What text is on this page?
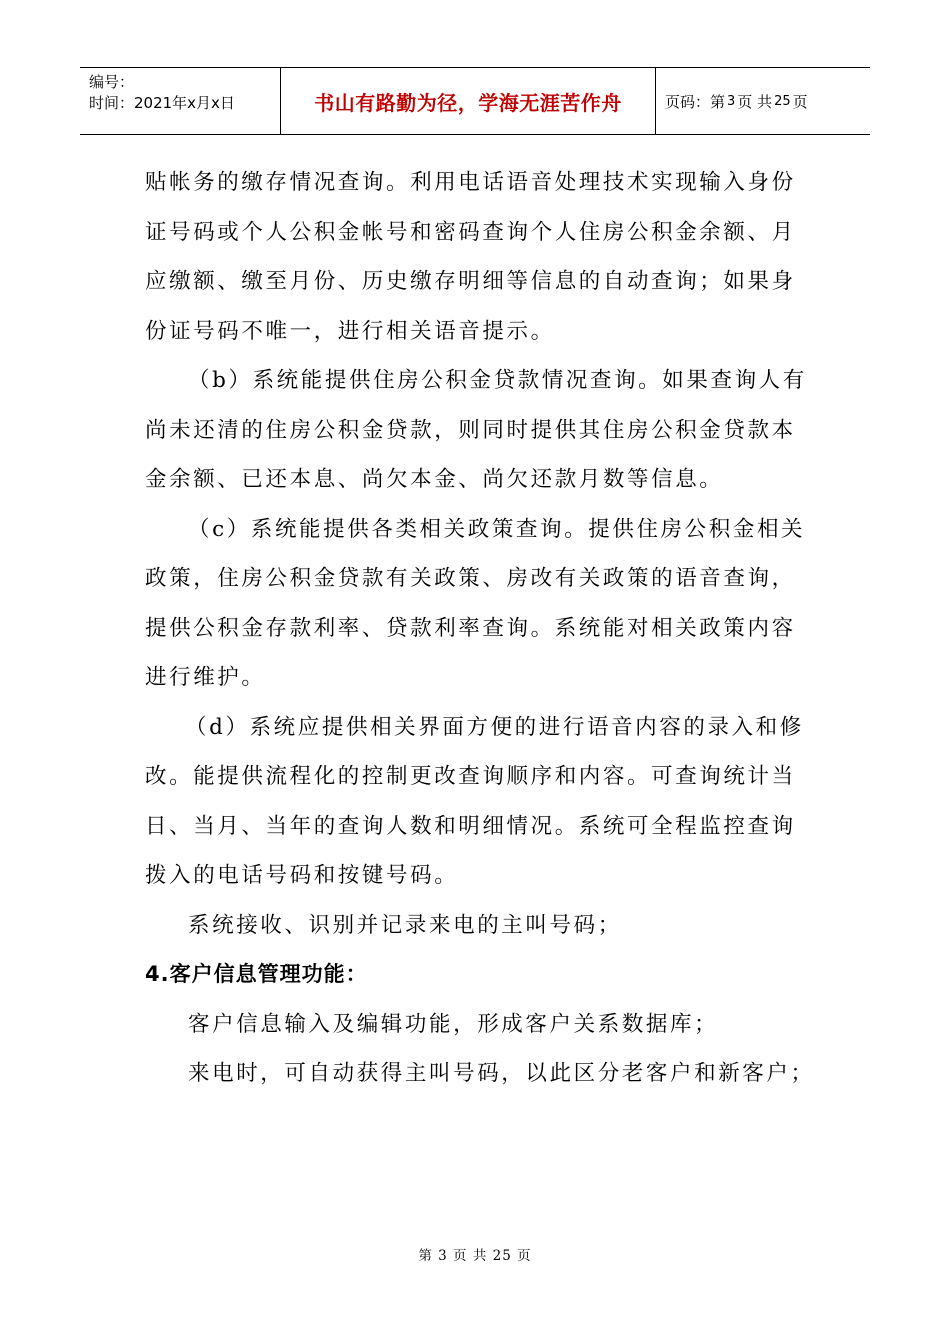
编号：
时间：2021年x月x日	书山有路勤为径，学海无涯苦作舟	页码：第 3 页 共 25 页
贴帐务的缴存情况查询。利用电话语音处理技术实现输入身份
证号码或个人公积金帐号和密码查询个人住房公积金余额、月
应缴额、缴至月份、历史缴存明细等信息的自动查询；如果身
份证号码不唯一，进行相关语音提示。
（b）系统能提供住房公积金贷款情况查询。如果查询人有
尚未还清的住房公积金贷款，则同时提供其住房公积金贷款本
金余额、已还本息、尚欠本金、尚欠还款月数等信息。
（c）系统能提供各类相关政策查询。提供住房公积金相关
政策，住房公积金贷款有关政策、房改有关政策的语音查询，
提供公积金存款利率、贷款利率查询。系统能对相关政策内容
进行维护。
（d）系统应提供相关界面方便的进行语音内容的录入和修
改。能提供流程化的控制更改查询顺序和内容。可查询统计当
日、当月、当年的查询人数和明细情况。系统可全程监控查询
拨入的电话号码和按键号码。
系统接收、识别并记录来电的主叫号码；
4.客户信息管理功能：
客户信息输入及编辑功能，形成客户关系数据库；
来电时，可自动获得主叫号码，以此区分老客户和新客户；
第 3 页 共 25 页
